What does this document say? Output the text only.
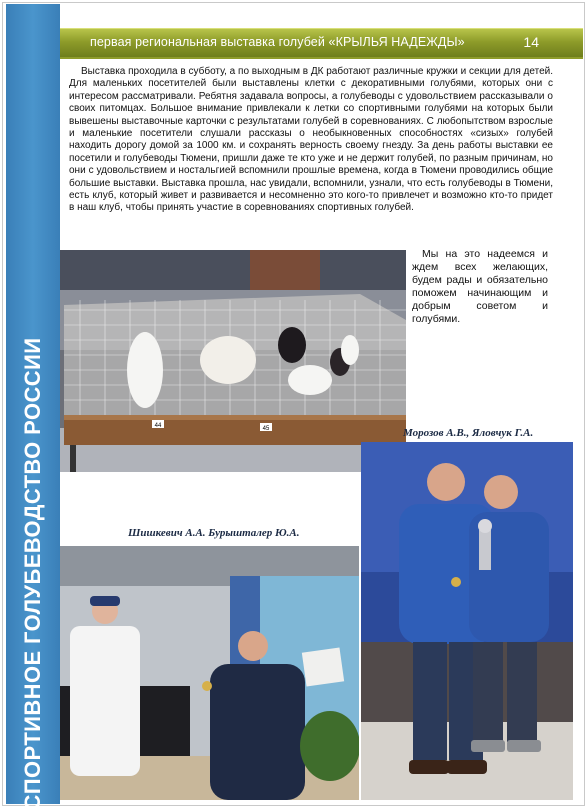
СПОРТИВНОЕ ГОЛУБЕВОДСТВО РОССИИ
первая региональная выставка голубей «КРЫЛЬЯ НАДЕЖДЫ»	14

Выставка проходила в субботу, а по выходным в ДК работают различные кружки и секции для детей. Для маленьких посетителей были выставлены клетки с декоративными голубями, которых они с интересом рассматривали. Ребятня задавала вопросы, а голубеводы с удовольствием рассказывали о своих питомцах. Большое внимание привлекали к летки со спортивными голубями на которых были вывешены выставочные карточки с результатами голубей в соревнованиях. С любопытством взрослые и маленькие посетители слушали рассказы о необыкновенных способностях «сизых» голубей находить дорогу домой за 1000 км. и сохранять верность своему гнезду. За день работы выставки ее посетили и голубеводы Тюмени, пришли даже те кто уже и не держит голубей, по разным причинам, но они с удовольствием и ностальгией вспомнили прошлые времена, когда в Тюмени проводились общие большие выставки. Выставка прошла, нас увидали, вспомнили, узнали, что есть голубеводы в Тюмени, есть клуб, который живет и развивается и несомненно это кого-то привлечет и возможно кто-то придет в наш клуб, чтобы принять участие в соревнованиях спортивных голубей.

44	45

Мы на это надеемся и ждем всех желающих, будем рады и обязательно поможем начинающим и добрым советом и голубями.

Морозов А.В., Яловчук Г.А.
Шишкевич А.А. Бурышталер Ю.А.
